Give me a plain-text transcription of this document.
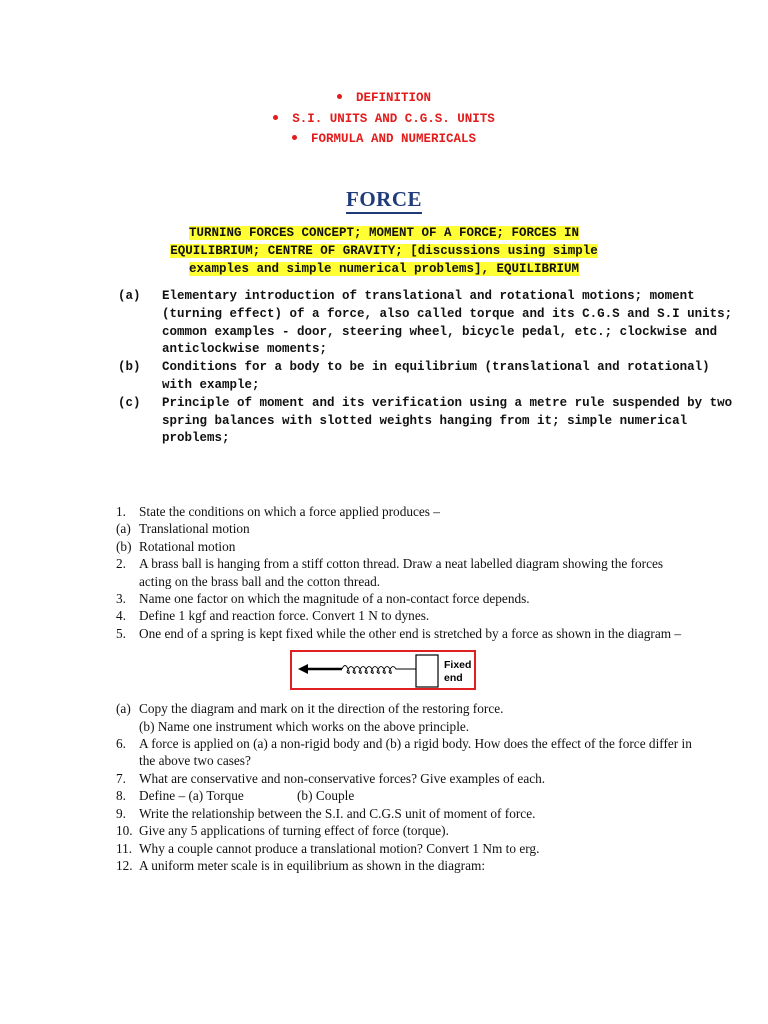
DEFINITION
S.I. UNITS AND C.G.S. UNITS
FORMULA AND NUMERICALS
FORCE
TURNING FORCES CONCEPT; MOMENT OF A FORCE; FORCES IN
EQUILIBRIUM; CENTRE OF GRAVITY; [discussions using simple
examples and simple numerical problems], EQUILIBRIUM
(a) Elementary introduction of translational and rotational motions; moment (turning effect) of a force, also called torque and its C.G.S and S.I units; common examples - door, steering wheel, bicycle pedal, etc.; clockwise and anticlockwise moments;
(b) Conditions for a body to be in equilibrium (translational and rotational) with example;
(c) Principle of moment and its verification using a metre rule suspended by two spring balances with slotted weights hanging from it; simple numerical problems;
1. State the conditions on which a force applied produces –
(a) Translational motion
(b) Rotational motion
2. A brass ball is hanging from a stiff cotton thread. Draw a neat labelled diagram showing the forces acting on the brass ball and the cotton thread.
3. Name one factor on which the magnitude of a non-contact force depends.
4. Define 1 kgf and reaction force. Convert 1 N to dynes.
5. One end of a spring is kept fixed while the other end is stretched by a force as shown in the diagram –
Fixed
end
(a) Copy the diagram and mark on it the direction of the restoring force.
(b) Name one instrument which works on the above principle.
6. A force is applied on (a) a non-rigid body and (b) a rigid body. How does the effect of the force differ in the above two cases?
7. What are conservative and non-conservative forces? Give examples of each.
8. Define – (a) Torque	(b) Couple
9. Write the relationship between the S.I. and C.G.S unit of moment of force.
10. Give any 5 applications of turning effect of force (torque).
11. Why a couple cannot produce a translational motion? Convert 1 Nm to erg.
12. A uniform meter scale is in equilibrium as shown in the diagram:
